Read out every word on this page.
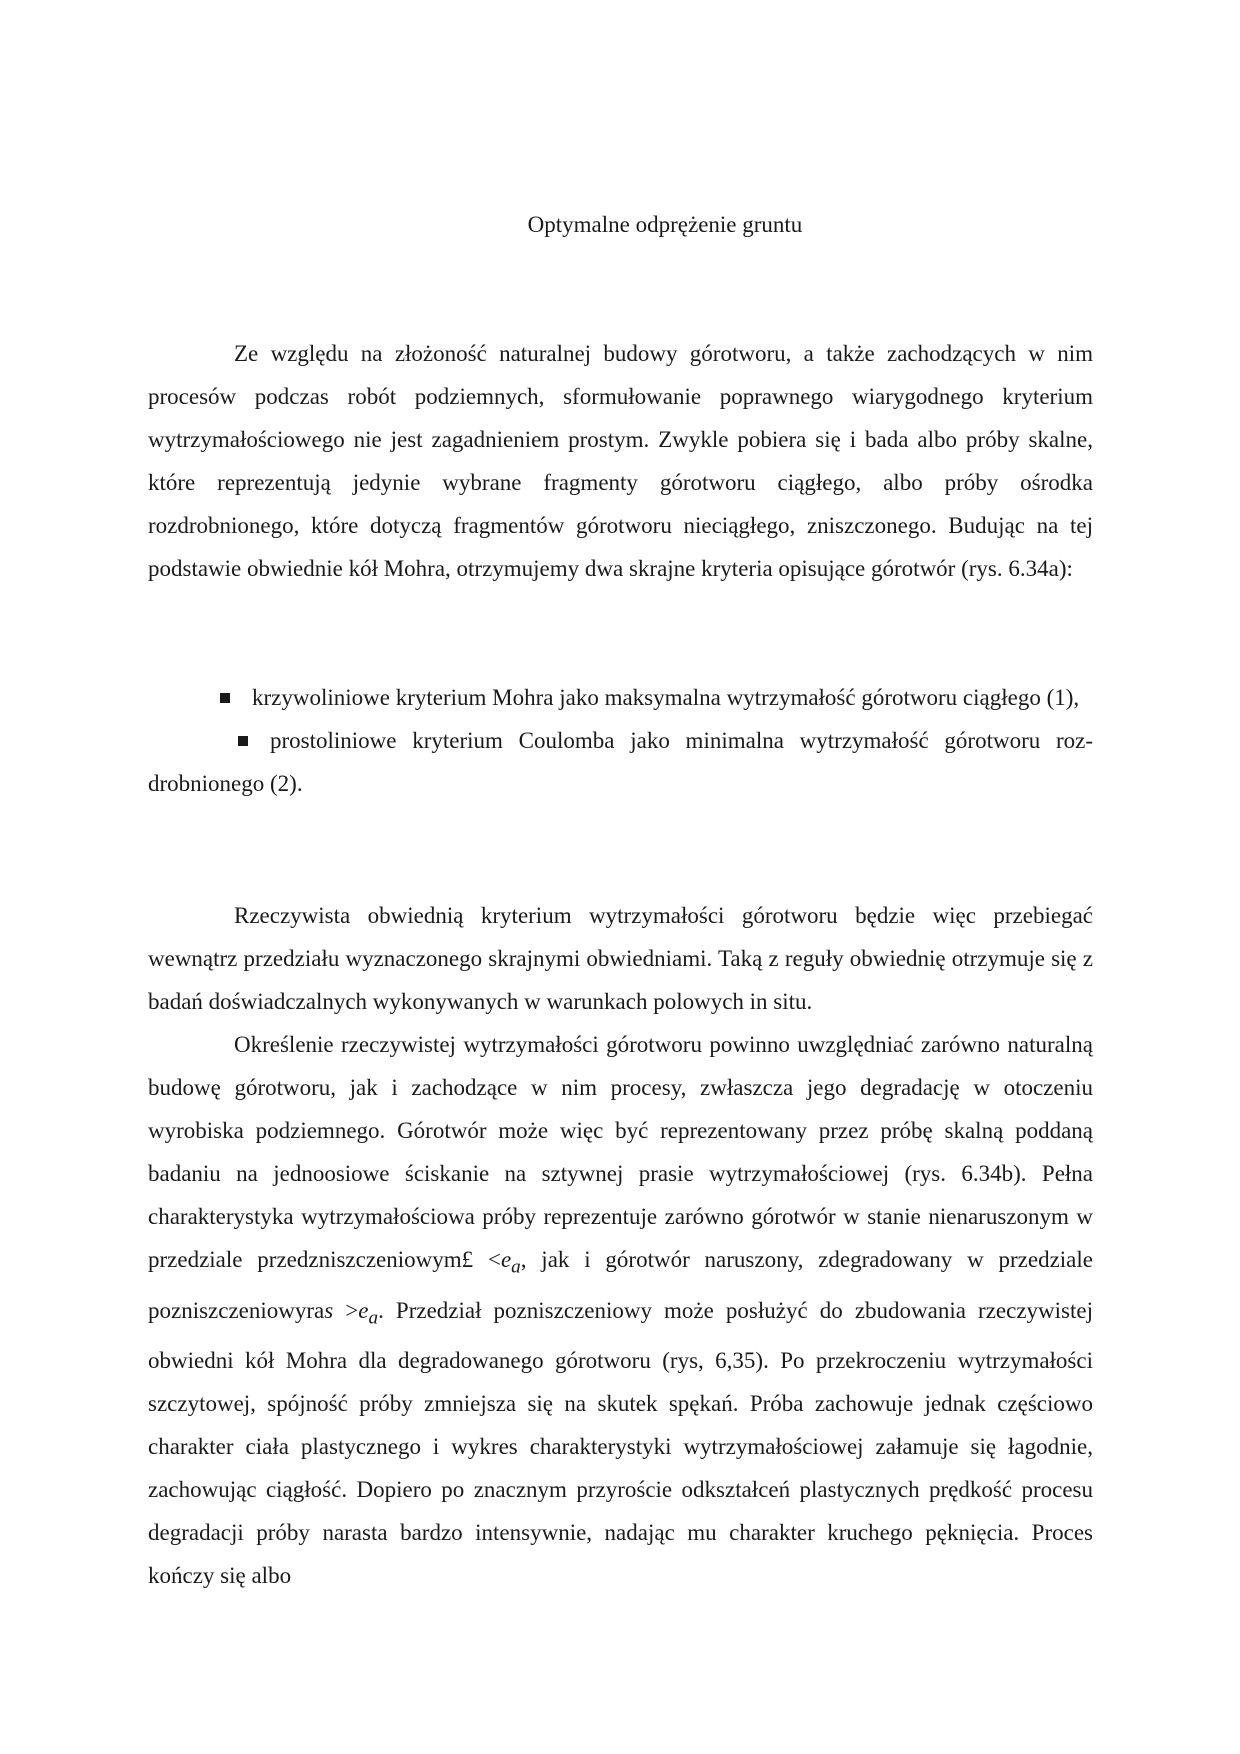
Optymalne odprężenie gruntu

Ze względu na złożoność naturalnej budowy górotworu, a także zachodzących w nim procesów podczas robót podziemnych, sformułowanie poprawnego wiarygodnego kryterium wytrzymałościowego nie jest zagadnieniem prostym. Zwykle pobiera się i bada albo próby skalne, które reprezentują jedynie wybrane fragmenty górotworu ciągłego, albo próby ośrodka rozdrobnionego, które dotyczą fragmentów górotworu nieciągłego, zniszczonego. Budując na tej podstawie obwiednie kół Mohra, otrzymujemy dwa skrajne kryteria opisujące górotwór (rys. 6.34a):

krzywoliniowe kryterium Mohra jako maksymalna wytrzymałość górotworu ciągłego (1),

prostoliniowe kryterium Coulomba jako minimalna wytrzymałość górotworu roz-drobnionego (2).

Rzeczywista obwiednią kryterium wytrzymałości górotworu będzie więc przebiegać wewnątrz przedziału wyznaczonego skrajnymi obwiedniami. Taką z reguły obwiednię otrzymuje się z badań doświadczalnych wykonywanych w warunkach polowych in situ.

Określenie rzeczywistej wytrzymałości górotworu powinno uwzględniać zarówno naturalną budowę górotworu, jak i zachodzące w nim procesy, zwłaszcza jego degradację w otoczeniu wyrobiska podziemnego. Górotwór może więc być reprezentowany przez próbę skalną poddaną badaniu na jednoosiowe ściskanie na sztywnej prasie wytrzymałościowej (rys. 6.34b). Pełna charakterystyka wytrzymałościowa próby reprezentuje zarówno górotwór w stanie nienaruszonym w przedziale przedzniszczeniowym£ $<e_a$, jak i górotwór naruszony, zdegradowany w przedziale pozniszczeniowyras $>e_a$. Przedział pozniszczeniowy może posłużyć do zbudowania rzeczywistej obwiedni kół Mohra dla degradowanego górotworu (rys, 6,35). Po przekroczeniu wytrzymałości szczytowej, spójność próby zmniejsza się na skutek spękań. Próba zachowuje jednak częściowo charakter ciała plastycznego i wykres charakterystyki wytrzymałościowej załamuje się łagodnie, zachowując ciągłość. Dopiero po znacznym przyroście odkształceń plastycznych prędkość procesu degradacji próby narasta bardzo intensywnie, nadając mu charakter kruchego pęknięcia. Proces kończy się albo
